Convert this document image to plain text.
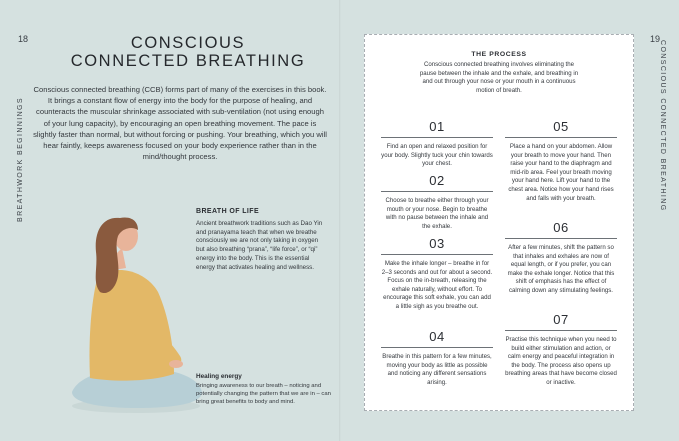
18
BREATHWORK BEGINNINGS
CONSCIOUS
CONNECTED BREATHING
Conscious connected breathing (CCB) forms part of many of the exercises in this book. It brings a constant flow of energy into the body for the purpose of healing, and counteracts the muscular shrinkage associated with sub-ventilation (not using enough of your lung capacity), by encouraging an open breathing movement. The pace is slightly faster than normal, but without forcing or pushing. Your breathing, which you will hear faintly, keeps awareness focused on your body experience rather than in the mind/thought process.
BREATH OF LIFE
Ancient breathwork traditions such as Dao Yin and pranayama teach that when we breathe consciously we are not only taking in oxygen but also breathing “prana”, “life force”, or “qi” energy into the body. This is the essential energy that activates healing and wellness.
Healing energy
Bringing awareness to our breath – noticing and potentially changing the pattern that we are in – can bring great benefits to body and mind.
19
CONSCIOUS CONNECTED BREATHING
THE PROCESS
Conscious connected breathing involves eliminating the pause between the inhale and the exhale, and breathing in and out through your nose or your mouth in a continuous motion of breath.
01
Find an open and relaxed position for your body. Slightly tuck your chin towards your chest.
02
Choose to breathe either through your mouth or your nose. Begin to breathe with no pause between the inhale and the exhale.
03
Make the inhale longer – breathe in for 2–3 seconds and out for about a second. Focus on the in-breath, releasing the exhale naturally, without effort. To encourage this soft exhale, you can add a little sigh as you breathe out.
04
Breathe in this pattern for a few minutes, moving your body as little as possible and noticing any different sensations arising.
05
Place a hand on your abdomen. Allow your breath to move your hand. Then raise your hand to the diaphragm and mid-rib area. Feel your breath moving your hand here. Lift your hand to the chest area. Notice how your hand rises and falls with your breath.
06
After a few minutes, shift the pattern so that inhales and exhales are now of equal length, or if you prefer, you can make the exhale longer. Notice that this shift of emphasis has the effect of calming down any stimulating feelings.
07
Practise this technique when you need to build either stimulation and action, or calm energy and peaceful integration in the body. The process also opens up breathing areas that have become closed or inactive.
